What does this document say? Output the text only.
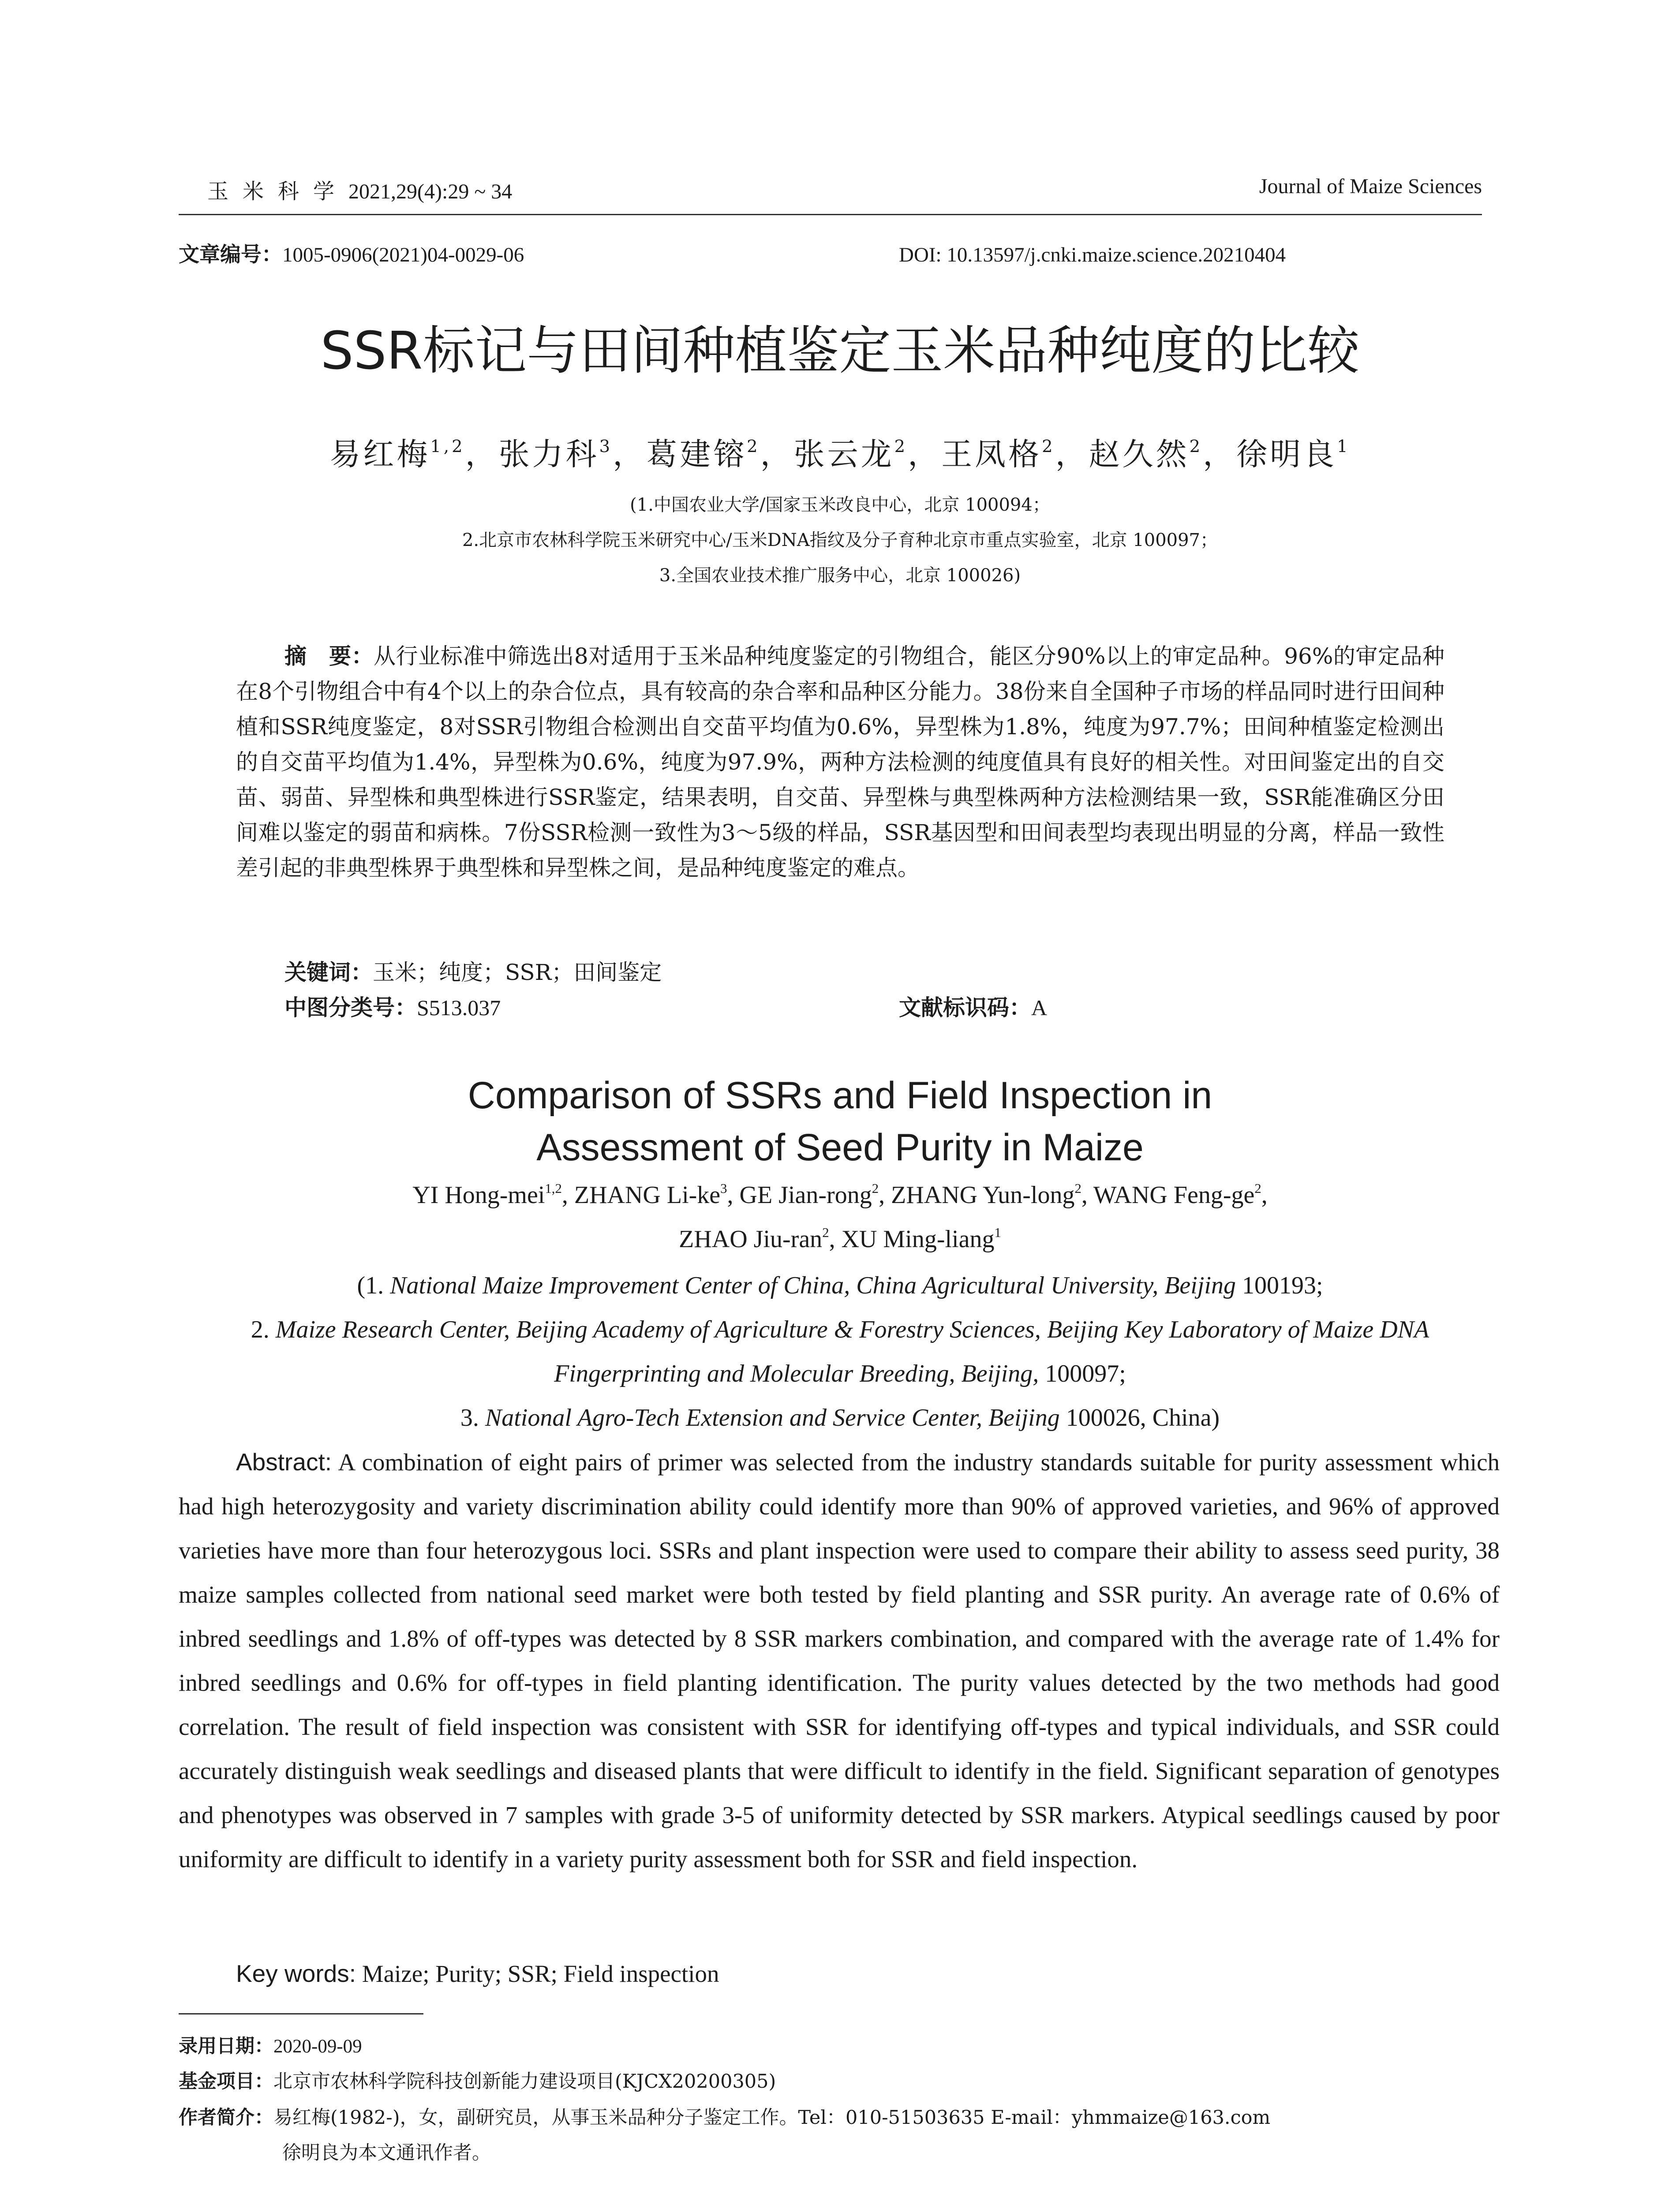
玉 米 科 学 2021,29(4):29 ~ 34	Journal of Maize Sciences
文章编号：1005-0906(2021)04-0029-06	DOI: 10.13597/j.cnki.maize.science.20210404
SSR标记与田间种植鉴定玉米品种纯度的比较
易红梅$^{1,2}$，张力科$^3$，葛建镕$^2$，张云龙$^2$，王凤格$^2$，赵久然$^2$，徐明良$^1$
(1.中国农业大学/国家玉米改良中心，北京 100094；
2.北京市农林科学院玉米研究中心/玉米DNA指纹及分子育种北京市重点实验室，北京 100097；
3.全国农业技术推广服务中心，北京 100026)
摘　要：从行业标准中筛选出8对适用于玉米品种纯度鉴定的引物组合，能区分90%以上的审定品种。96%的审定品种在8个引物组合中有4个以上的杂合位点，具有较高的杂合率和品种区分能力。38份来自全国种子市场的样品同时进行田间种植和SSR纯度鉴定，8对SSR引物组合检测出自交苗平均值为0.6%，异型株为1.8%，纯度为97.7%；田间种植鉴定检测出的自交苗平均值为1.4%，异型株为0.6%，纯度为97.9%，两种方法检测的纯度值具有良好的相关性。对田间鉴定出的自交苗、弱苗、异型株和典型株进行SSR鉴定，结果表明，自交苗、异型株与典型株两种方法检测结果一致，SSR能准确区分田间难以鉴定的弱苗和病株。7份SSR检测一致性为3～5级的样品，SSR基因型和田间表型均表现出明显的分离，样品一致性差引起的非典型株界于典型株和异型株之间，是品种纯度鉴定的难点。
关键词：玉米；纯度；SSR；田间鉴定
中图分类号：S513.037	文献标识码：A
Comparison of SSRs and Field Inspection in
Assessment of Seed Purity in Maize
YI Hong-mei$^{1,2}$, ZHANG $Li-ke^3$, GE Jian-rong$^2$, ZHANG Yun-long$^2$, WANG Feng-$ge^2$,
ZHAO Jiu-ran$^2$, XU Ming-liang$^1$
(1. National Maize Improvement Center of China, China Agricultural University, Beijing 100193;
2. Maize Research Center, Beijing Academy of Agriculture & Forestry Sciences, Beijing Key Laboratory of Maize DNA
Fingerprinting and Molecular Breeding, Beijing, 100097;
3. National Agro-Tech Extension and Service Center, Beijing 100026, China)
Abstract: A combination of eight pairs of primer was selected from the industry standards suitable for purity assessment which had high heterozygosity and variety discrimination ability could identify more than 90% of approved varieties, and 96% of approved varieties have more than four heterozygous loci. SSRs and plant inspection were used to compare their ability to assess seed purity, 38 maize samples collected from national seed market were both tested by field planting and SSR purity. An average rate of 0.6% of inbred seedlings and 1.8% of off-types was detected by 8 SSR markers combination, and compared with the average rate of 1.4% for inbred seedlings and 0.6% for off-types in field planting identification. The purity values detected by the two methods had good correlation. The result of field inspection was consistent with SSR for identifying off-types and typical individuals, and SSR could accurately distinguish weak seedlings and diseased plants that were difficult to identify in the field. Significant separation of genotypes and phenotypes was observed in 7 samples with grade 3-5 of uniformity detected by SSR markers. Atypical seedlings caused by poor uniformity are difficult to identify in a variety purity assessment both for SSR and field inspection.
Key words: Maize; Purity; SSR; Field inspection
录用日期：2020-09-09
基金项目：北京市农林科学院科技创新能力建设项目(KJCX20200305)
作者简介：易红梅(1982-)，女，副研究员，从事玉米品种分子鉴定工作。Tel：010-51503635 E-mail：yhmmaize@163.com
徐明良为本文通讯作者。
